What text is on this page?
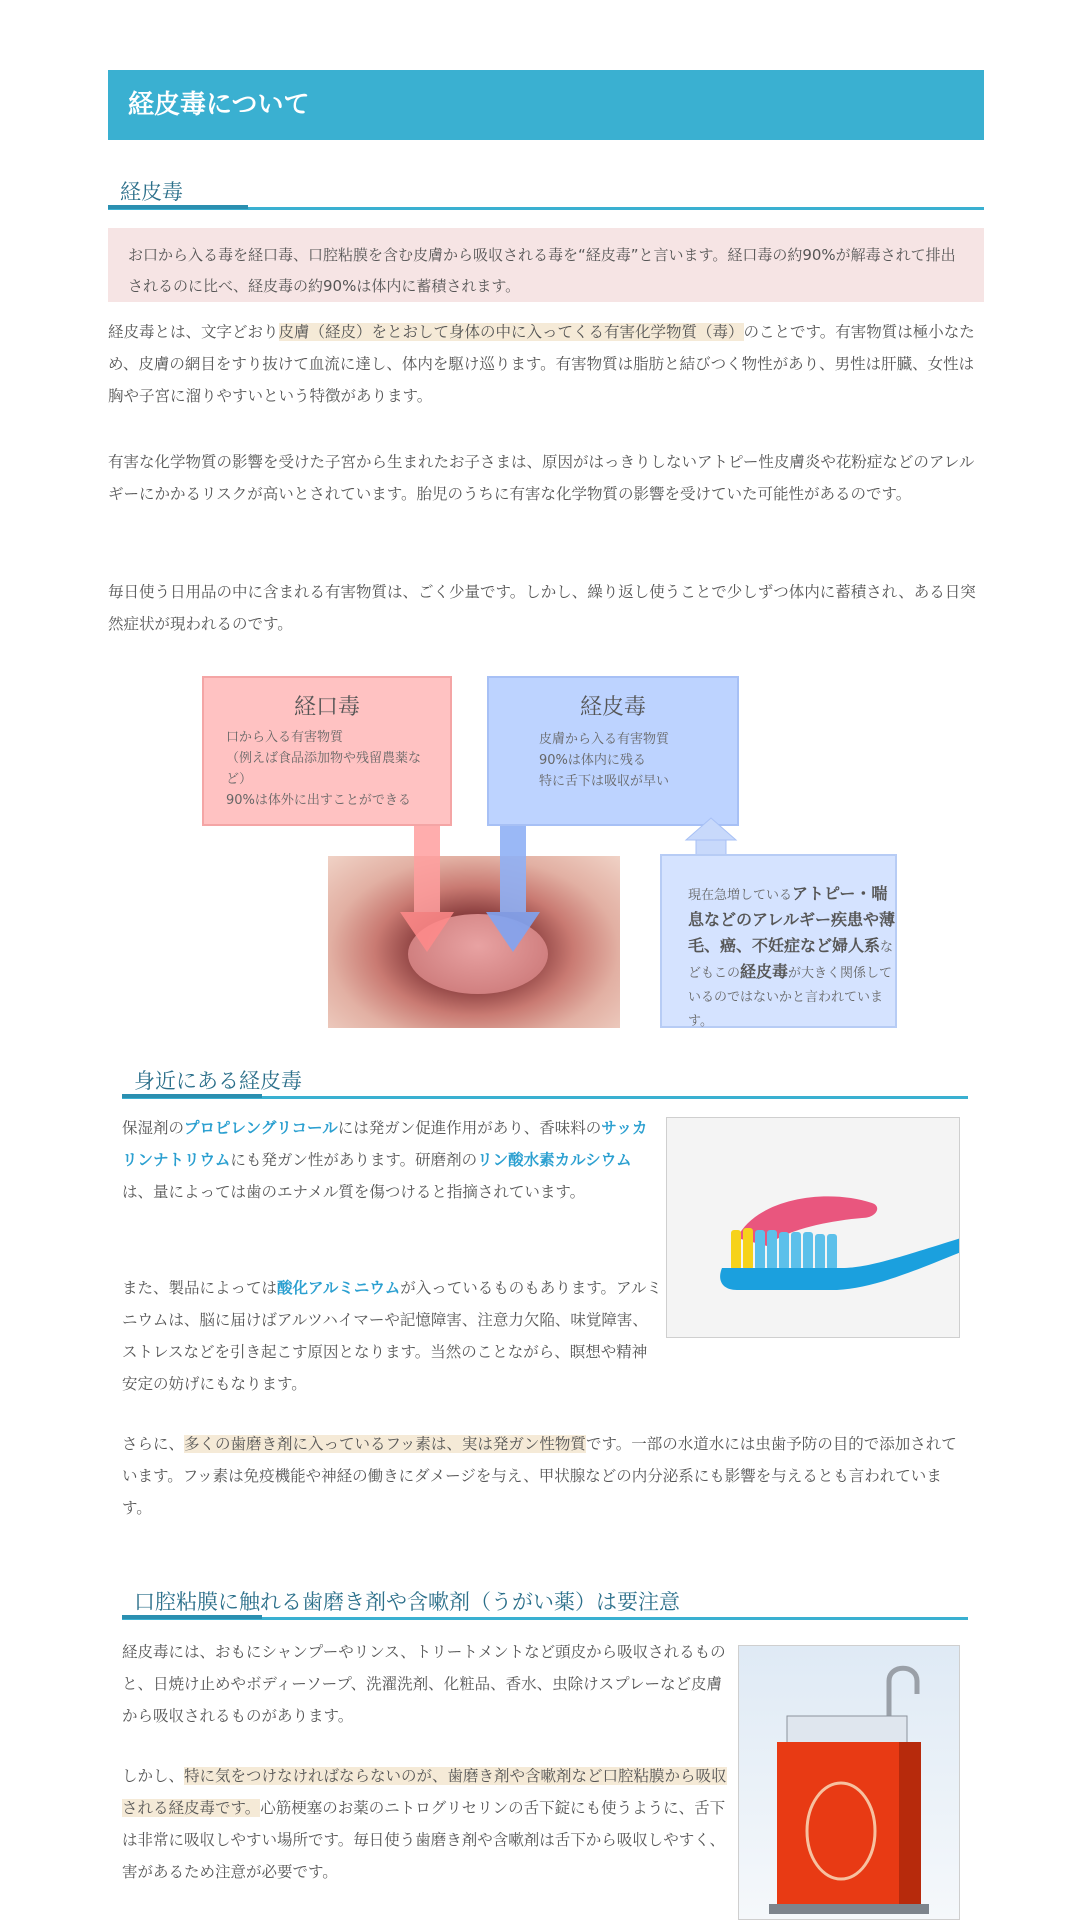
経皮毒について
経皮毒
お口から入る毒を経口毒、口腔粘膜を含む皮膚から吸収される毒を“経皮毒”と言います。経口毒の約90%が解毒されて排出されるのに比べ、経皮毒の約90%は体内に蓄積されます。
経皮毒とは、文字どおり皮膚（経皮）をとおして身体の中に入ってくる有害化学物質（毒）のことです。有害物質は極小なため、皮膚の網目をすり抜けて血流に達し、体内を駆け巡ります。有害物質は脂肪と結びつく物性があり、男性は肝臓、女性は胸や子宮に溜りやすいという特徴があります。
有害な化学物質の影響を受けた子宮から生まれたお子さまは、原因がはっきりしないアトピー性皮膚炎や花粉症などのアレルギーにかかるリスクが高いとされています。胎児のうちに有害な化学物質の影響を受けていた可能性があるのです。
毎日使う日用品の中に含まれる有害物質は、ごく少量です。しかし、繰り返し使うことで少しずつ体内に蓄積され、ある日突然症状が現われるのです。
経口毒
口から入る有害物質
（例えば食品添加物や残留農薬など）
90%は体外に出すことができる
経皮毒
皮膚から入る有害物質
90%は体内に残る
特に舌下は吸収が早い
現在急増しているアトピー・喘息などのアレルギー疾患や薄毛、癌、不妊症など婦人系などもこの経皮毒が大きく関係しているのではないかと言われています。
身近にある経皮毒
保湿剤のプロピレングリコールには発ガン促進作用があり、香味料のサッカリンナトリウムにも発ガン性があります。研磨剤のリン酸水素カルシウムは、量によっては歯のエナメル質を傷つけると指摘されています。
また、製品によっては酸化アルミニウムが入っているものもあります。アルミニウムは、脳に届けばアルツハイマーや記憶障害、注意力欠陥、味覚障害、ストレスなどを引き起こす原因となります。当然のことながら、瞑想や精神安定の妨げにもなります。
さらに、多くの歯磨き剤に入っているフッ素は、実は発ガン性物質です。一部の水道水には虫歯予防の目的で添加されています。フッ素は免疫機能や神経の働きにダメージを与え、甲状腺などの内分泌系にも影響を与えるとも言われています。
口腔粘膜に触れる歯磨き剤や含嗽剤（うがい薬）は要注意
経皮毒には、おもにシャンプーやリンス、トリートメントなど頭皮から吸収されるものと、日焼け止めやボディーソープ、洗濯洗剤、化粧品、香水、虫除けスプレーなど皮膚から吸収されるものがあります。
しかし、特に気をつけなければならないのが、歯磨き剤や含嗽剤など口腔粘膜から吸収される経皮毒です。心筋梗塞のお薬のニトログリセリンの舌下錠にも使うように、舌下は非常に吸収しやすい場所です。毎日使う歯磨き剤や含嗽剤は舌下から吸収しやすく、害があるため注意が必要です。
